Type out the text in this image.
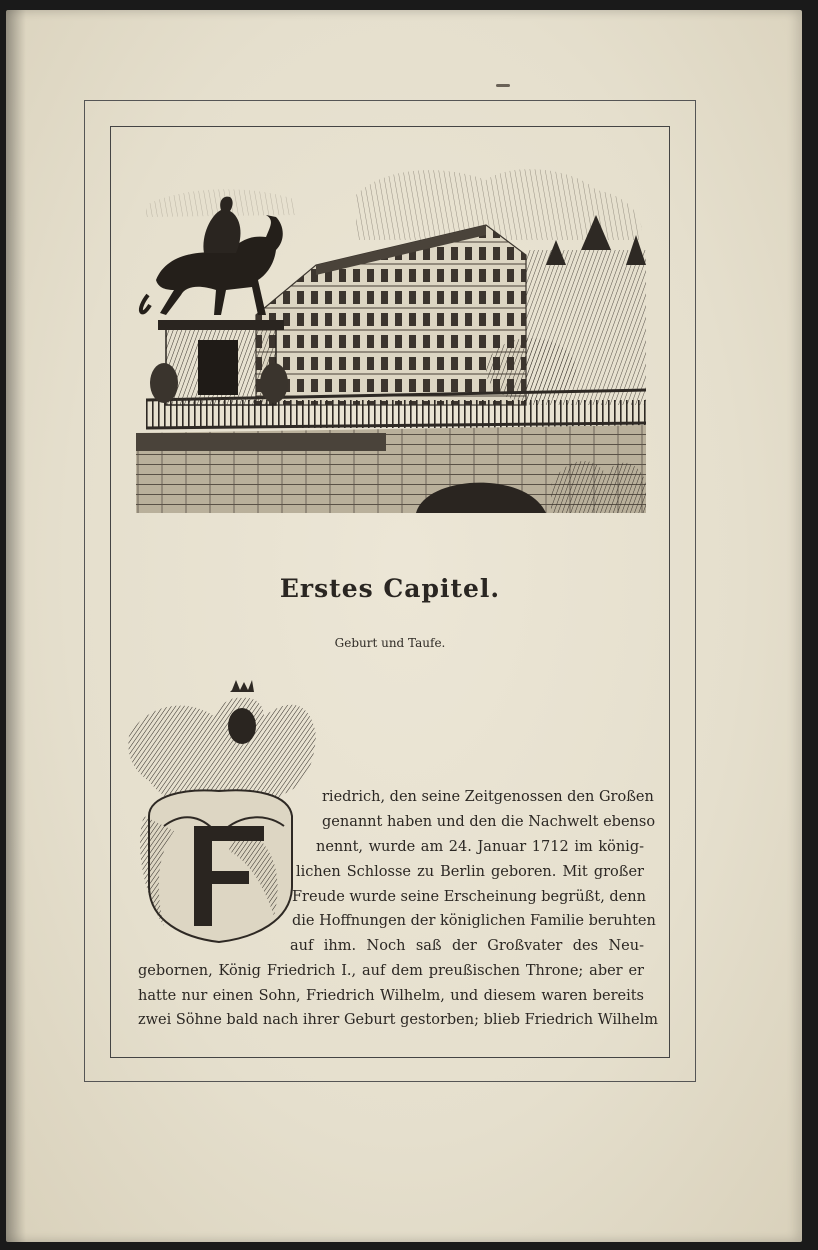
Erstes Capitel.
Geburt und Taufe.
riedrich, den seine Zeitgenossen den Großen
genannt haben und den die Nachwelt ebenso
nennt, wurde am 24. Januar 1712 im könig-
lichen Schlosse zu Berlin geboren. Mit großer
Freude wurde seine Erscheinung begrüßt, denn
die Hoffnungen der königlichen Familie beruhten
auf ihm. Noch saß der Großvater des Neu-
gebornen, König Friedrich I., auf dem preußischen Throne; aber er
hatte nur einen Sohn, Friedrich Wilhelm, und diesem waren bereits
zwei Söhne bald nach ihrer Geburt gestorben; blieb Friedrich Wilhelm
